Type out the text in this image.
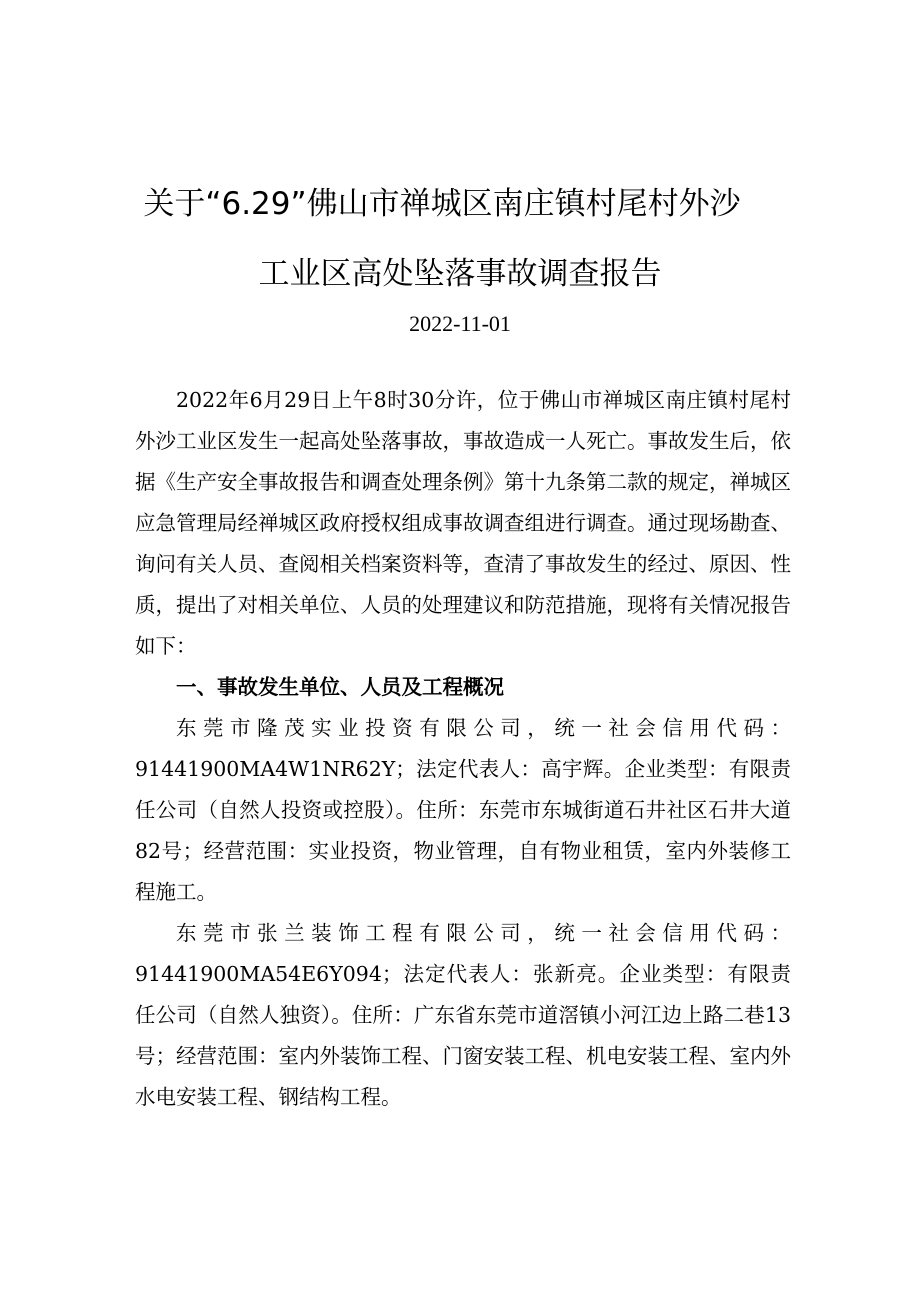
关于“6.29”佛山市禅城区南庄镇村尾村外沙
工业区高处坠落事故调查报告
2022-11-01

2022年6月29日上午8时30分许，位于佛山市禅城区南庄镇村尾村外沙工业区发生一起高处坠落事故，事故造成一人死亡。事故发生后，依据《生产安全事故报告和调查处理条例》第十九条第二款的规定，禅城区应急管理局经禅城区政府授权组成事故调查组进行调查。通过现场勘查、询问有关人员、查阅相关档案资料等，查清了事故发生的经过、原因、性质，提出了对相关单位、人员的处理建议和防范措施，现将有关情况报告如下：

一、事故发生单位、人员及工程概况

东莞市隆茂实业投资有限公司，统一社会信用代码：91441900MA4W1NR62Y；法定代表人：高宇辉。企业类型：有限责任公司（自然人投资或控股）。住所：东莞市东城街道石井社区石井大道82号；经营范围：实业投资，物业管理，自有物业租赁，室内外装修工程施工。

东莞市张兰装饰工程有限公司，统一社会信用代码：91441900MA54E6Y094；法定代表人：张新亮。企业类型：有限责任公司（自然人独资）。住所：广东省东莞市道滘镇小河江边上路二巷13号；经营范围：室内外装饰工程、门窗安装工程、机电安装工程、室内外水电安装工程、钢结构工程。
